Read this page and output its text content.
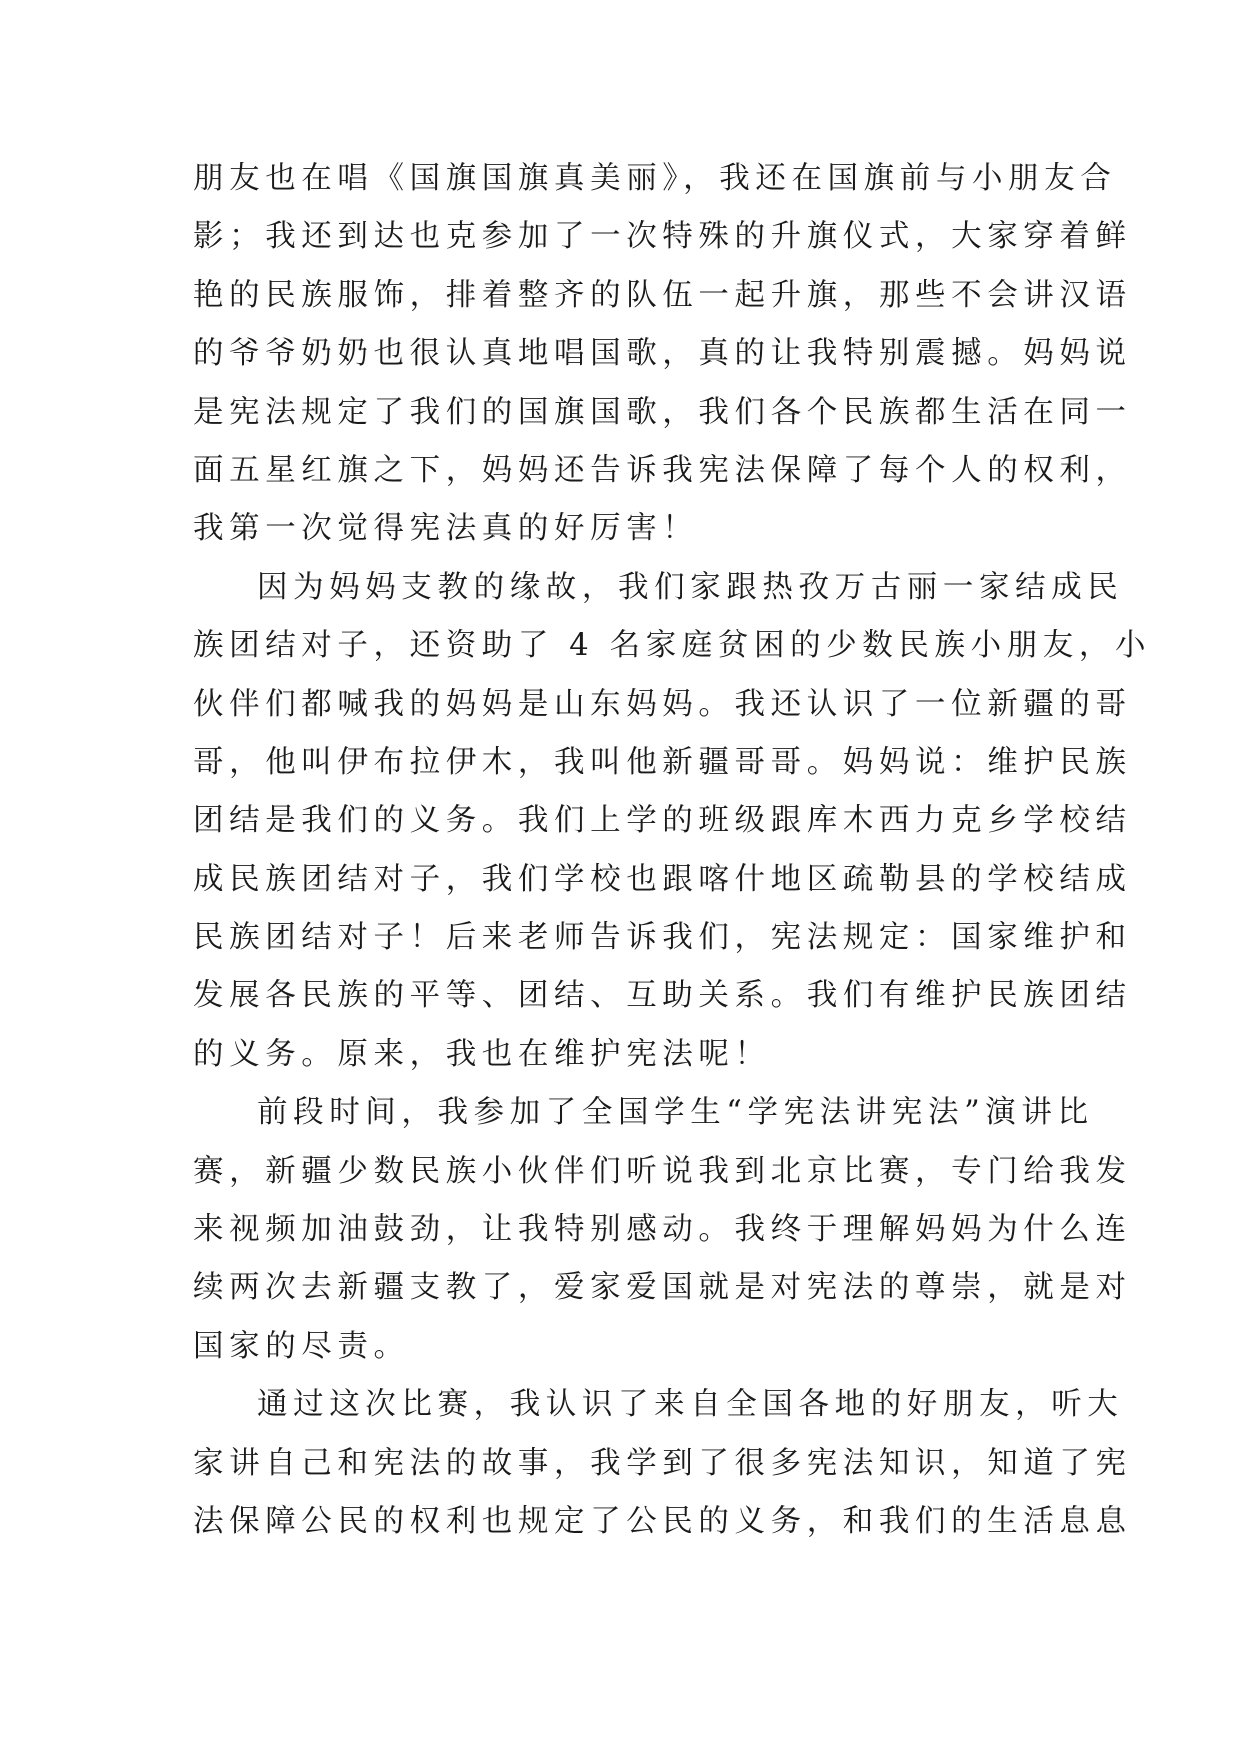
朋友也在唱《国旗国旗真美丽》，我还在国旗前与小朋友合
影；我还到达也克参加了一次特殊的升旗仪式，大家穿着鲜
艳的民族服饰，排着整齐的队伍一起升旗，那些不会讲汉语
的爷爷奶奶也很认真地唱国歌，真的让我特别震撼。妈妈说
是宪法规定了我们的国旗国歌，我们各个民族都生活在同一
面五星红旗之下，妈妈还告诉我宪法保障了每个人的权利，
我第一次觉得宪法真的好厉害！
因为妈妈支教的缘故，我们家跟热孜万古丽一家结成民
族团结对子，还资助了 4 名家庭贫困的少数民族小朋友，小
伙伴们都喊我的妈妈是山东妈妈。我还认识了一位新疆的哥
哥，他叫伊布拉伊木，我叫他新疆哥哥。妈妈说：维护民族
团结是我们的义务。我们上学的班级跟库木西力克乡学校结
成民族团结对子，我们学校也跟喀什地区疏勒县的学校结成
民族团结对子！后来老师告诉我们，宪法规定：国家维护和
发展各民族的平等、团结、互助关系。我们有维护民族团结
的义务。原来，我也在维护宪法呢！
前段时间，我参加了全国学生“学宪法讲宪法”演讲比
赛，新疆少数民族小伙伴们听说我到北京比赛，专门给我发
来视频加油鼓劲，让我特别感动。我终于理解妈妈为什么连
续两次去新疆支教了，爱家爱国就是对宪法的尊崇，就是对
国家的尽责。
通过这次比赛，我认识了来自全国各地的好朋友，听大
家讲自己和宪法的故事，我学到了很多宪法知识，知道了宪
法保障公民的权利也规定了公民的义务，和我们的生活息息
